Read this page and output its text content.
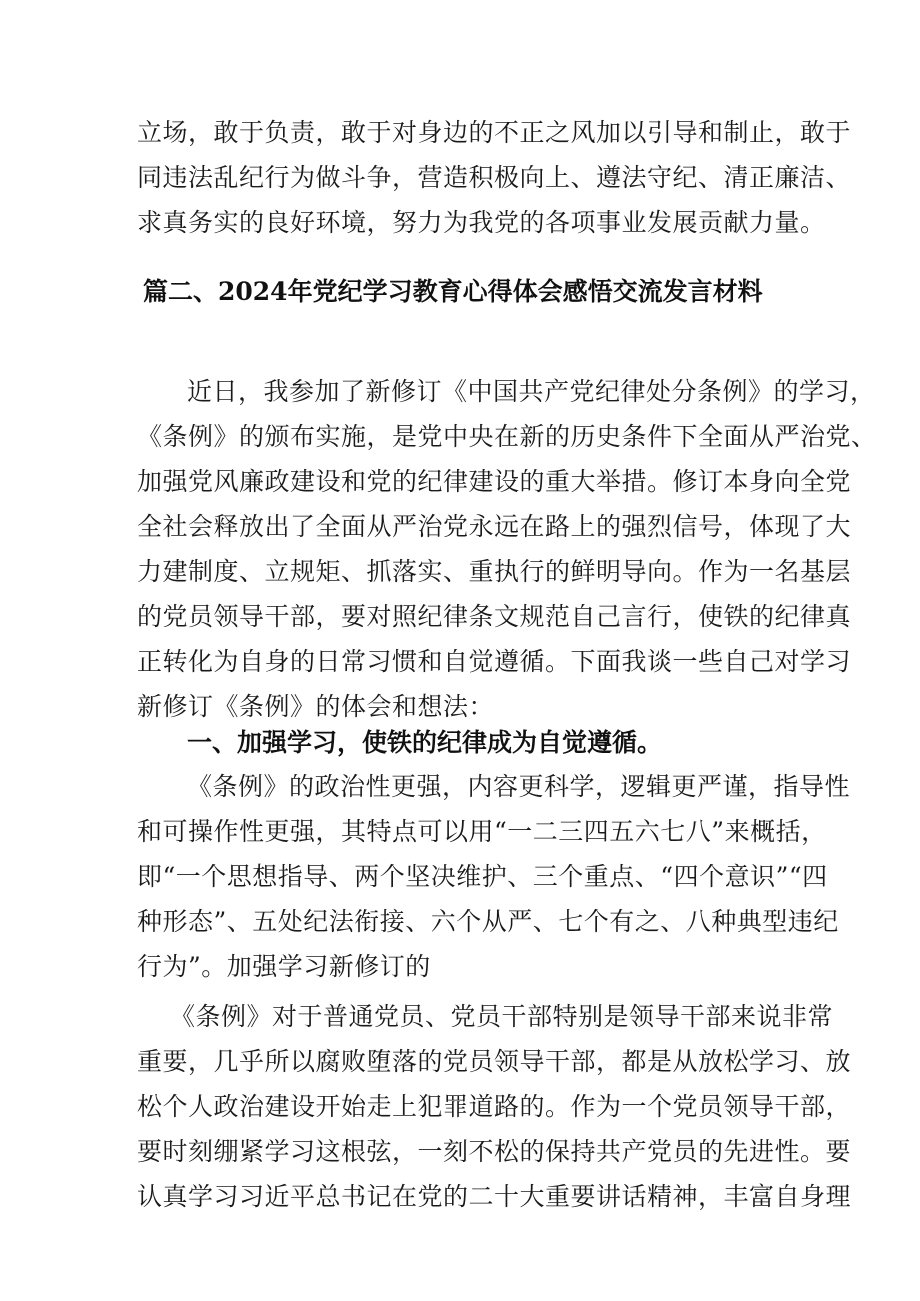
立场，敢于负责，敢于对身边的不正之风加以引导和制止，敢于
同违法乱纪行为做斗争，营造积极向上、遵法守纪、清正廉洁、
求真务实的良好环境，努力为我党的各项事业发展贡献力量。
篇二、2024年党纪学习教育心得体会感悟交流发言材料
近日，我参加了新修订《中国共产党纪律处分条例》的学习，
《条例》的颁布实施，是党中央在新的历史条件下全面从严治党、
加强党风廉政建设和党的纪律建设的重大举措。修订本身向全党
全社会释放出了全面从严治党永远在路上的强烈信号，体现了大
力建制度、立规矩、抓落实、重执行的鲜明导向。作为一名基层
的党员领导干部，要对照纪律条文规范自己言行，使铁的纪律真
正转化为自身的日常习惯和自觉遵循。下面我谈一些自己对学习
新修订《条例》的体会和想法：
一、加强学习，使铁的纪律成为自觉遵循。
《条例》的政治性更强，内容更科学，逻辑更严谨，指导性
和可操作性更强，其特点可以用“一二三四五六七八”来概括，
即“一个思想指导、两个坚决维护、三个重点、“四个意识”“四
种形态”、五处纪法衔接、六个从严、七个有之、八种典型违纪
行为”。加强学习新修订的
《条例》对于普通党员、党员干部特别是领导干部来说非常
重要，几乎所以腐败堕落的党员领导干部，都是从放松学习、放
松个人政治建设开始走上犯罪道路的。作为一个党员领导干部，
要时刻绷紧学习这根弦，一刻不松的保持共产党员的先进性。要
认真学习习近平总书记在党的二十大重要讲话精神，丰富自身理
